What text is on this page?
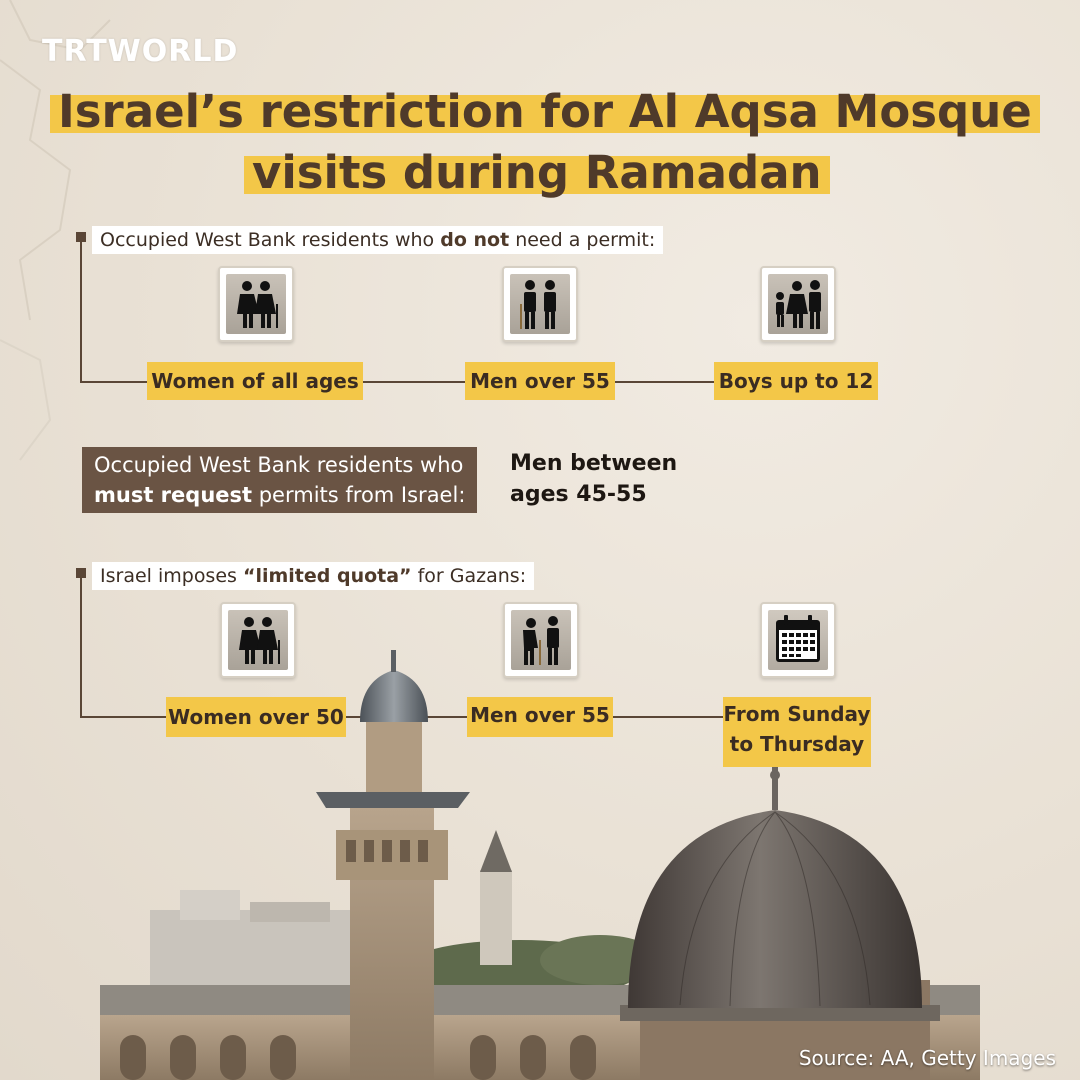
TRTWORLD
Israel’s restriction for Al Aqsa Mosque
visits during Ramadan
Occupied West Bank residents who do not need a permit:
Women of all ages	Men over 55	Boys up to 12
Occupied West Bank residents who
must request permits from Israel:
Men between
ages 45-55
Israel imposes “limited quota” for Gazans:
Women over 50	Men over 55	From Sunday
to Thursday
Source: AA, Getty Images
